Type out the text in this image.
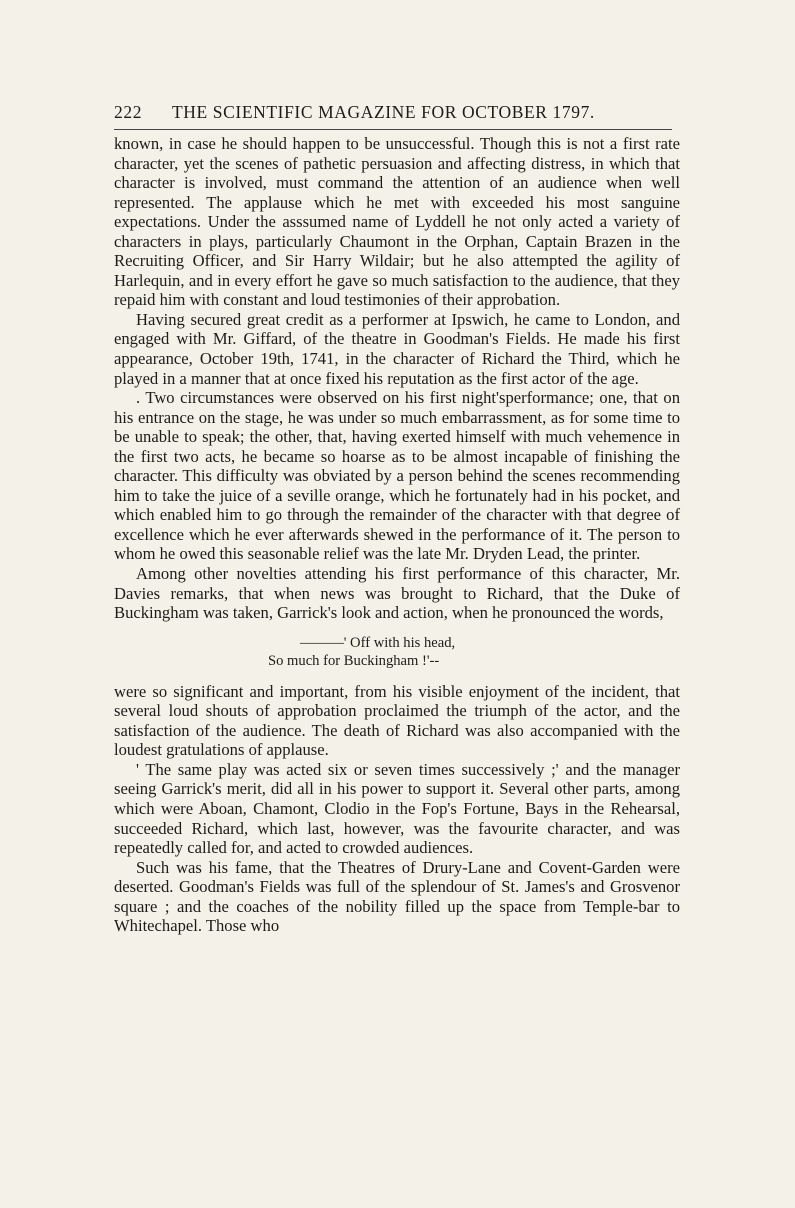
222	THE SCIENTIFIC MAGAZINE FOR OCTOBER 1797.

known, in case he should happen to be unsuccessful. Though this is not a first rate character, yet the scenes of pathetic persuasion and affecting distress, in which that character is involved, must command the attention of an audience when well represented. The applause which he met with exceeded his most sanguine expectations. Under the asssumed name of Lyddell he not only acted a variety of characters in plays, particularly Chaumont in the Orphan, Captain Brazen in the Recruiting Officer, and Sir Harry Wildair; but he also attempted the agility of Harlequin, and in every effort he gave so much satisfaction to the audience, that they repaid him with constant and loud testimonies of their approbation.

Having secured great credit as a performer at Ipswich, he came to London, and engaged with Mr. Giffard, of the theatre in Goodman's Fields. He made his first appearance, October 19th, 1741, in the character of Richard the Third, which he played in a manner that at once fixed his reputation as the first actor of the age.

. Two circumstances were observed on his first night'sperformance; one, that on his entrance on the stage, he was under so much embarrassment, as for some time to be unable to speak; the other, that, having exerted himself with much vehemence in the first two acts, he became so hoarse as to be almost incapable of finishing the character. This difficulty was obviated by a person behind the scenes recommending him to take the juice of a seville orange, which he fortunately had in his pocket, and which enabled him to go through the remainder of the character with that degree of excellence which he ever afterwards shewed in the performance of it. The person to whom he owed this seasonable relief was the late Mr. Dryden Lead, the printer.

Among other novelties attending his first performance of this character, Mr. Davies remarks, that when news was brought to Richard, that the Duke of Buckingham was taken, Garrick's look and action, when he pronounced the words,

———' Off with his head,
So much for Buckingham !'--

were so significant and important, from his visible enjoyment of the incident, that several loud shouts of approbation proclaimed the triumph of the actor, and the satisfaction of the audience. The death of Richard was also accompanied with the loudest gratulations of applause.

' The same play was acted six or seven times successively ;' and the manager seeing Garrick's merit, did all in his power to support it. Several other parts, among which were Aboan, Chamont, Clodio in the Fop's Fortune, Bays in the Rehearsal, succeeded Richard, which last, however, was the favourite character, and was repeatedly called for, and acted to crowded audiences.

Such was his fame, that the Theatres of Drury-Lane and Covent-Garden were deserted. Goodman's Fields was full of the splendour of St. James's and Grosvenor square ; and the coaches of the nobility filled up the space from Temple-bar to Whitechapel. Those who
